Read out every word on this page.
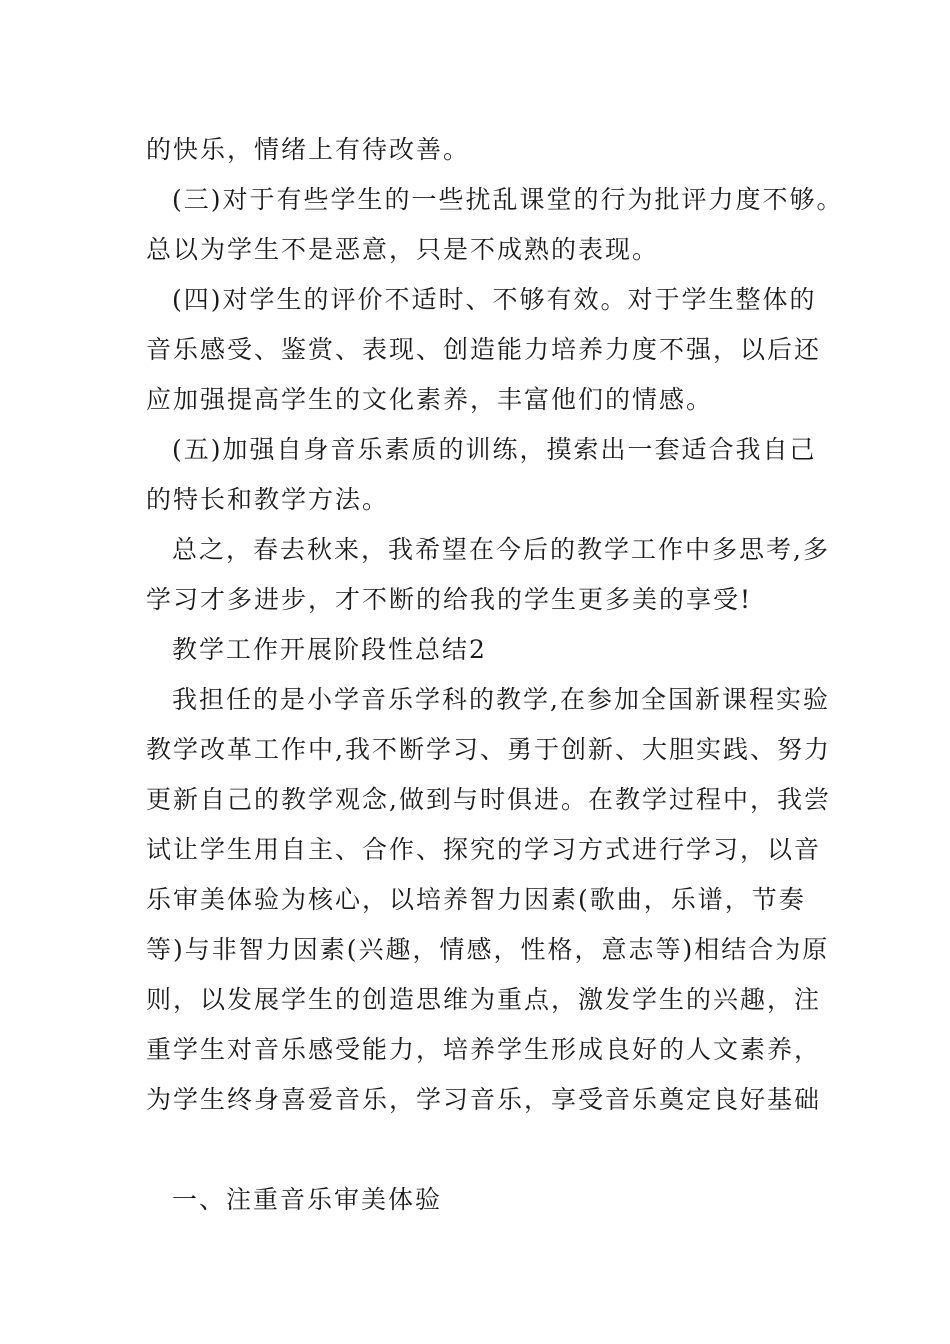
的快乐，情绪上有待改善。
(三)对于有些学生的一些扰乱课堂的行为批评力度不够。
总以为学生不是恶意，只是不成熟的表现。
(四)对学生的评价不适时、不够有效。对于学生整体的
音乐感受、鉴赏、表现、创造能力培养力度不强，以后还
应加强提高学生的文化素养，丰富他们的情感。
(五)加强自身音乐素质的训练，摸索出一套适合我自己
的特长和教学方法。
总之，春去秋来，我希望在今后的教学工作中多思考,多
学习才多进步，才不断的给我的学生更多美的享受!
教学工作开展阶段性总结2
我担任的是小学音乐学科的教学,在参加全国新课程实验
教学改革工作中,我不断学习、勇于创新、大胆实践、努力
更新自己的教学观念,做到与时俱进。在教学过程中，我尝
试让学生用自主、合作、探究的学习方式进行学习，以音
乐审美体验为核心，以培养智力因素(歌曲，乐谱，节奏
等)与非智力因素(兴趣，情感，性格，意志等)相结合为原
则，以发展学生的创造思维为重点，激发学生的兴趣，注
重学生对音乐感受能力，培养学生形成良好的人文素养，
为学生终身喜爱音乐，学习音乐，享受音乐奠定良好基础
一、注重音乐审美体验
